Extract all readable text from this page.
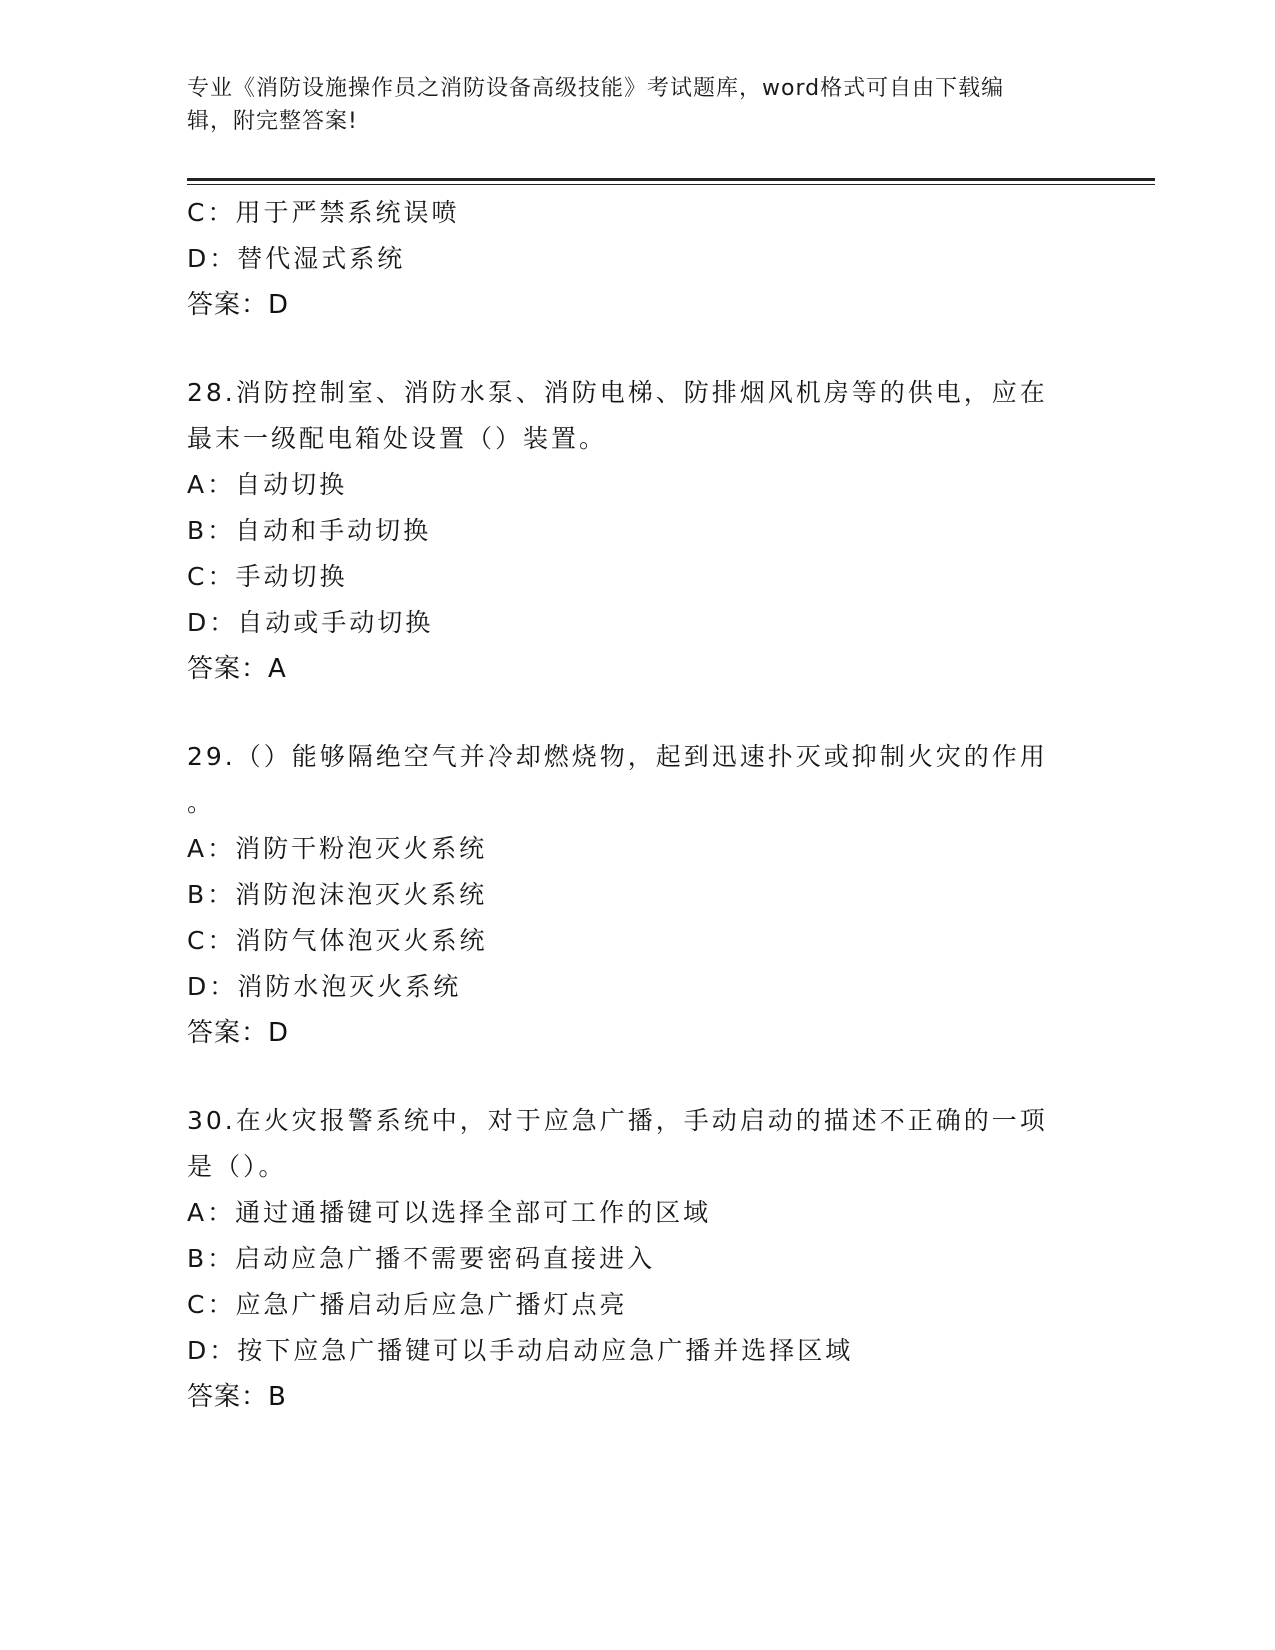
专业《消防设施操作员之消防设备高级技能》考试题库，word格式可自由下载编
辑，附完整答案!
C：用于严禁系统误喷
D：替代湿式系统
答案：D
28.消防控制室、消防水泵、消防电梯、防排烟风机房等的供电，应在
最末一级配电箱处设置（）装置。
A：自动切换
B：自动和手动切换
C：手动切换
D：自动或手动切换
答案：A
29.（）能够隔绝空气并冷却燃烧物，起到迅速扑灭或抑制火灾的作用
。
A：消防干粉泡灭火系统
B：消防泡沫泡灭火系统
C：消防气体泡灭火系统
D：消防水泡灭火系统
答案：D
30.在火灾报警系统中，对于应急广播，手动启动的描述不正确的一项
是（）。
A：通过通播键可以选择全部可工作的区域
B：启动应急广播不需要密码直接进入
C：应急广播启动后应急广播灯点亮
D：按下应急广播键可以手动启动应急广播并选择区域
答案：B
